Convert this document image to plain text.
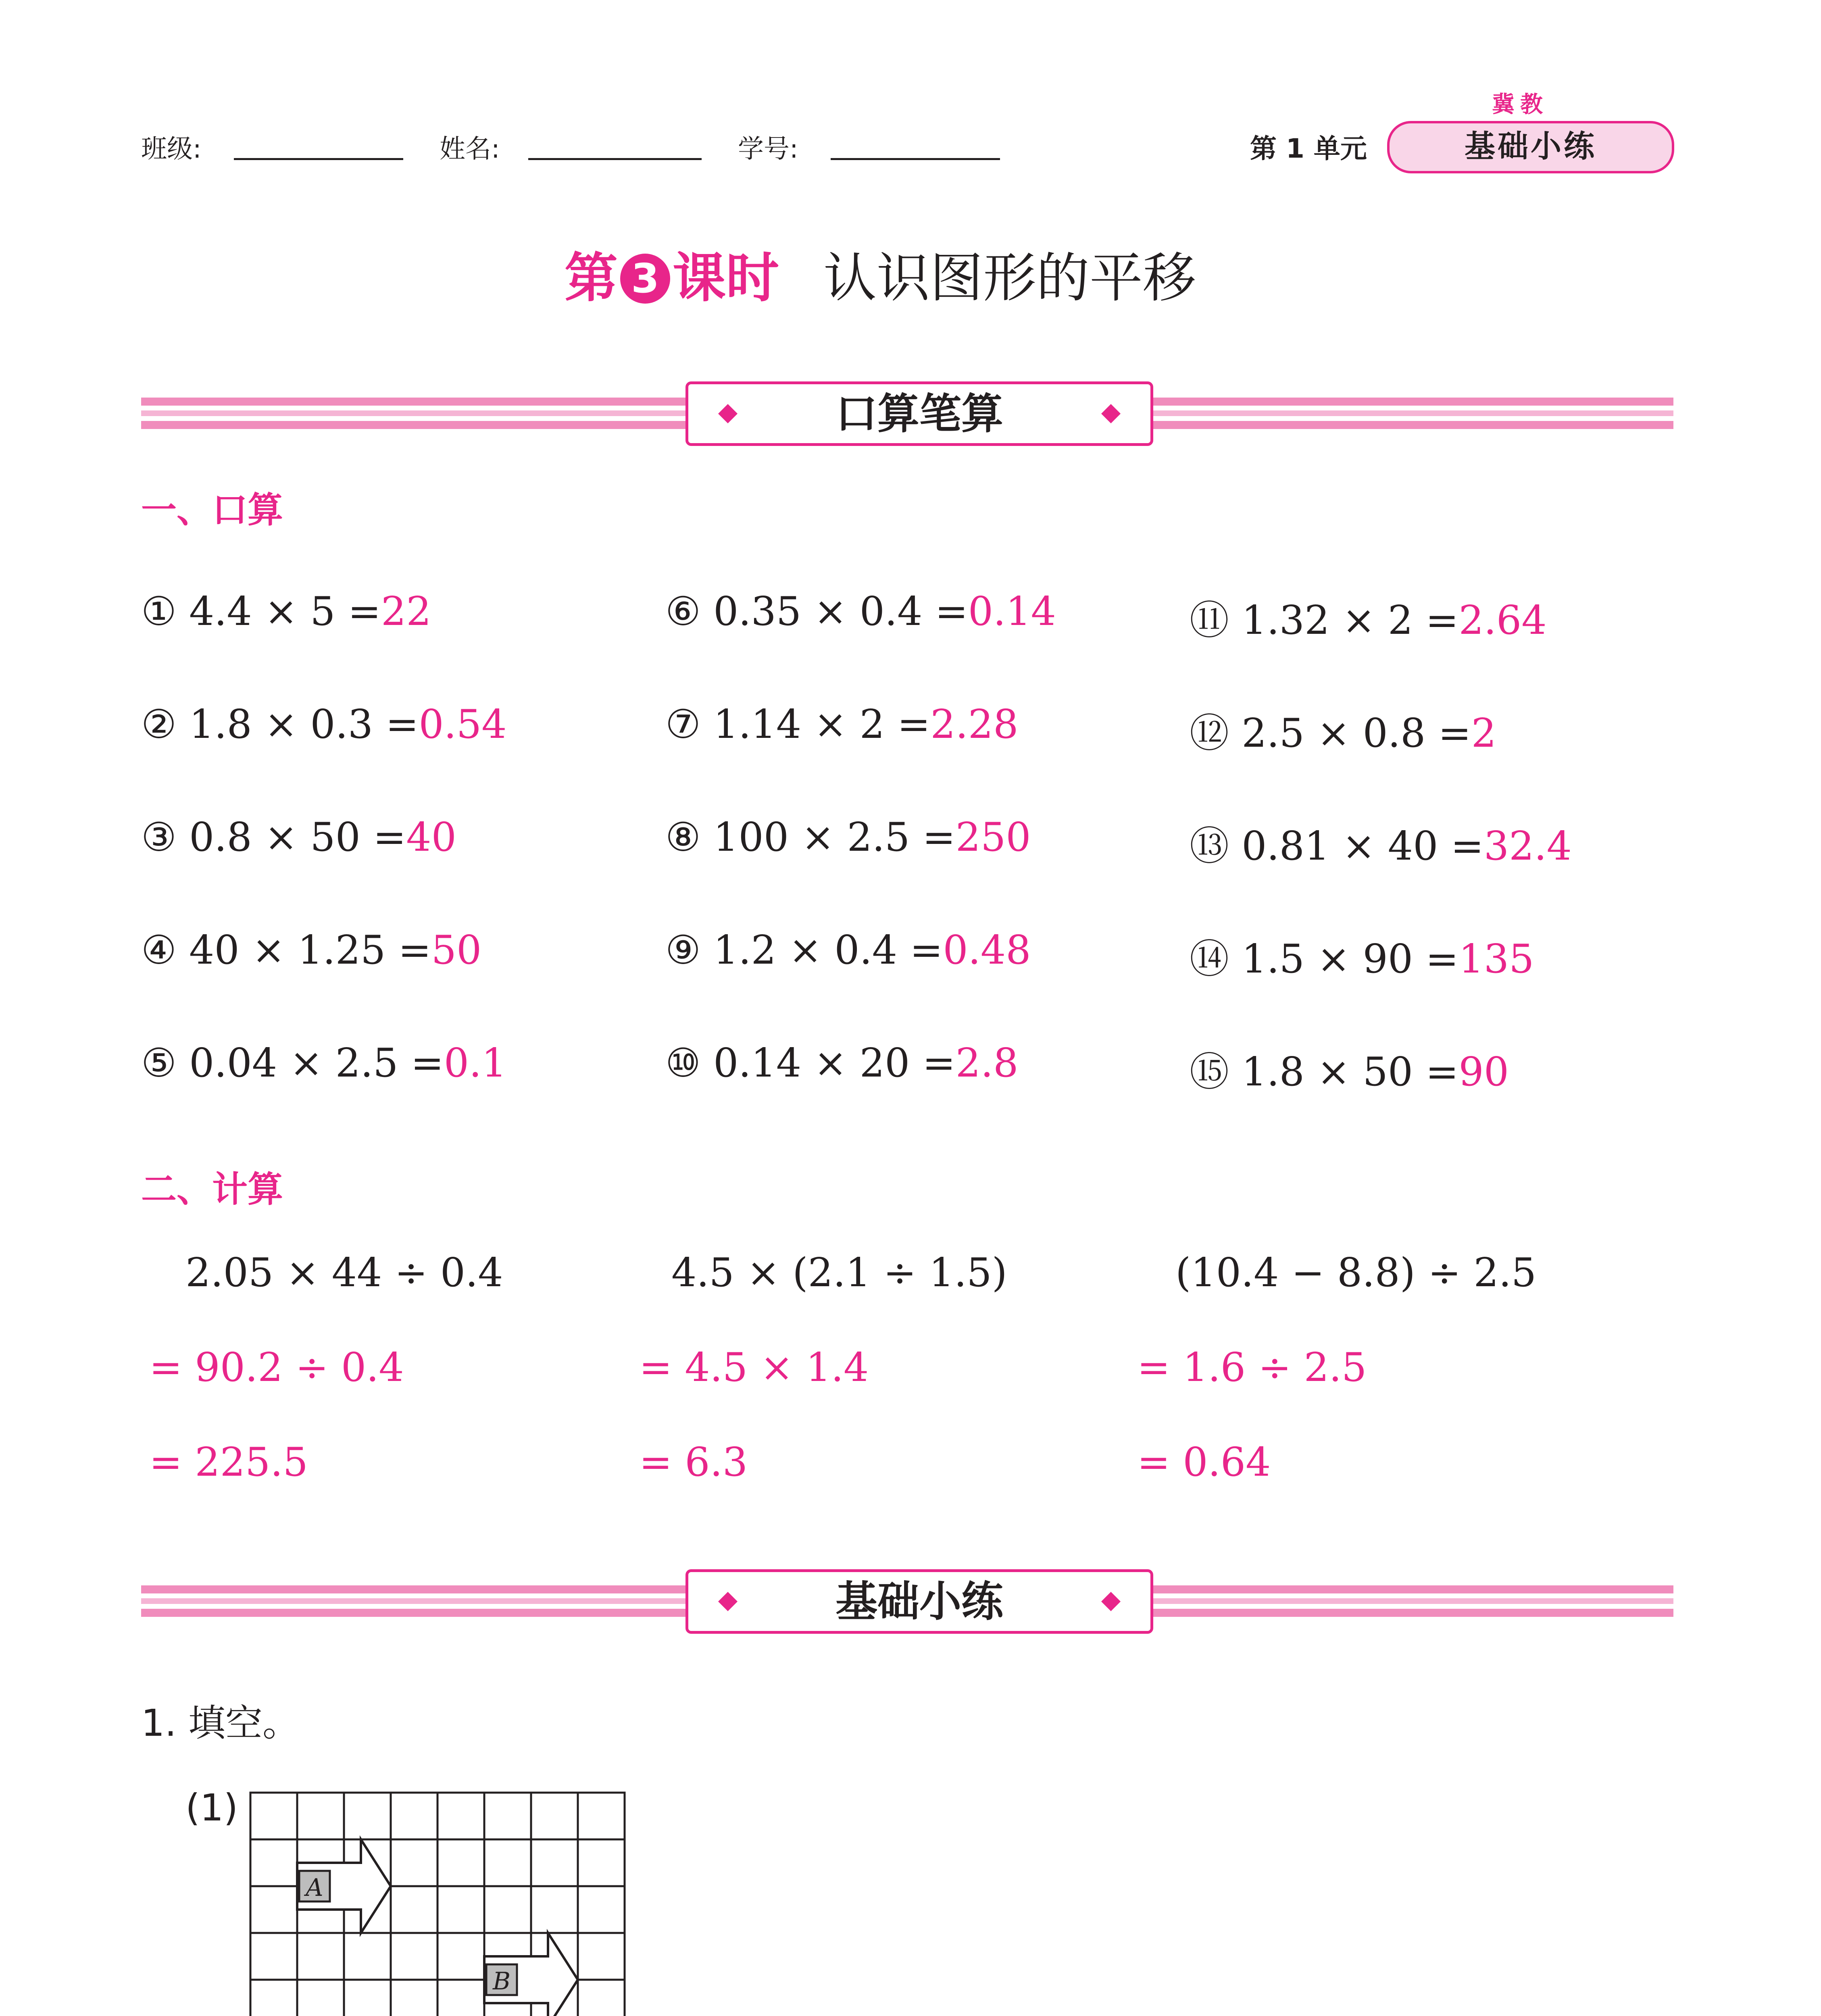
班级:	姓名:	学号:	第 1 单元
冀教
基础小练
第 3 课时 认识图形的平移
口算笔算
一、口算
① 4.4 × 5 =22
② 1.8 × 0.3 =0.54
③ 0.8 × 50 =40
④ 40 × 1.25 =50
⑤ 0.04 × 2.5 =0.1
⑥ 0.35 × 0.4 =0.14
⑦ 1.14 × 2 =2.28
⑧ 100 × 2.5 =250
⑨ 1.2 × 0.4 =0.48
⑩ 0.14 × 20 =2.8
⑪ 1.32 × 2 =2.64
⑫ 2.5 × 0.8 =2
⑬ 0.81 × 40 =32.4
⑭ 1.5 × 90 =135
⑮ 1.8 × 50 =90
二、计算
2.05 × 44 ÷ 0.4
= 90.2 ÷ 0.4
= 225.5
4.5 × (2.1 ÷ 1.5)
= 4.5 × 1.4
= 6.3
(10.4 − 8.8) ÷ 2.5
= 1.6 ÷ 2.5
= 0.64
基础小练
1. 填空。
(1)
A
B
